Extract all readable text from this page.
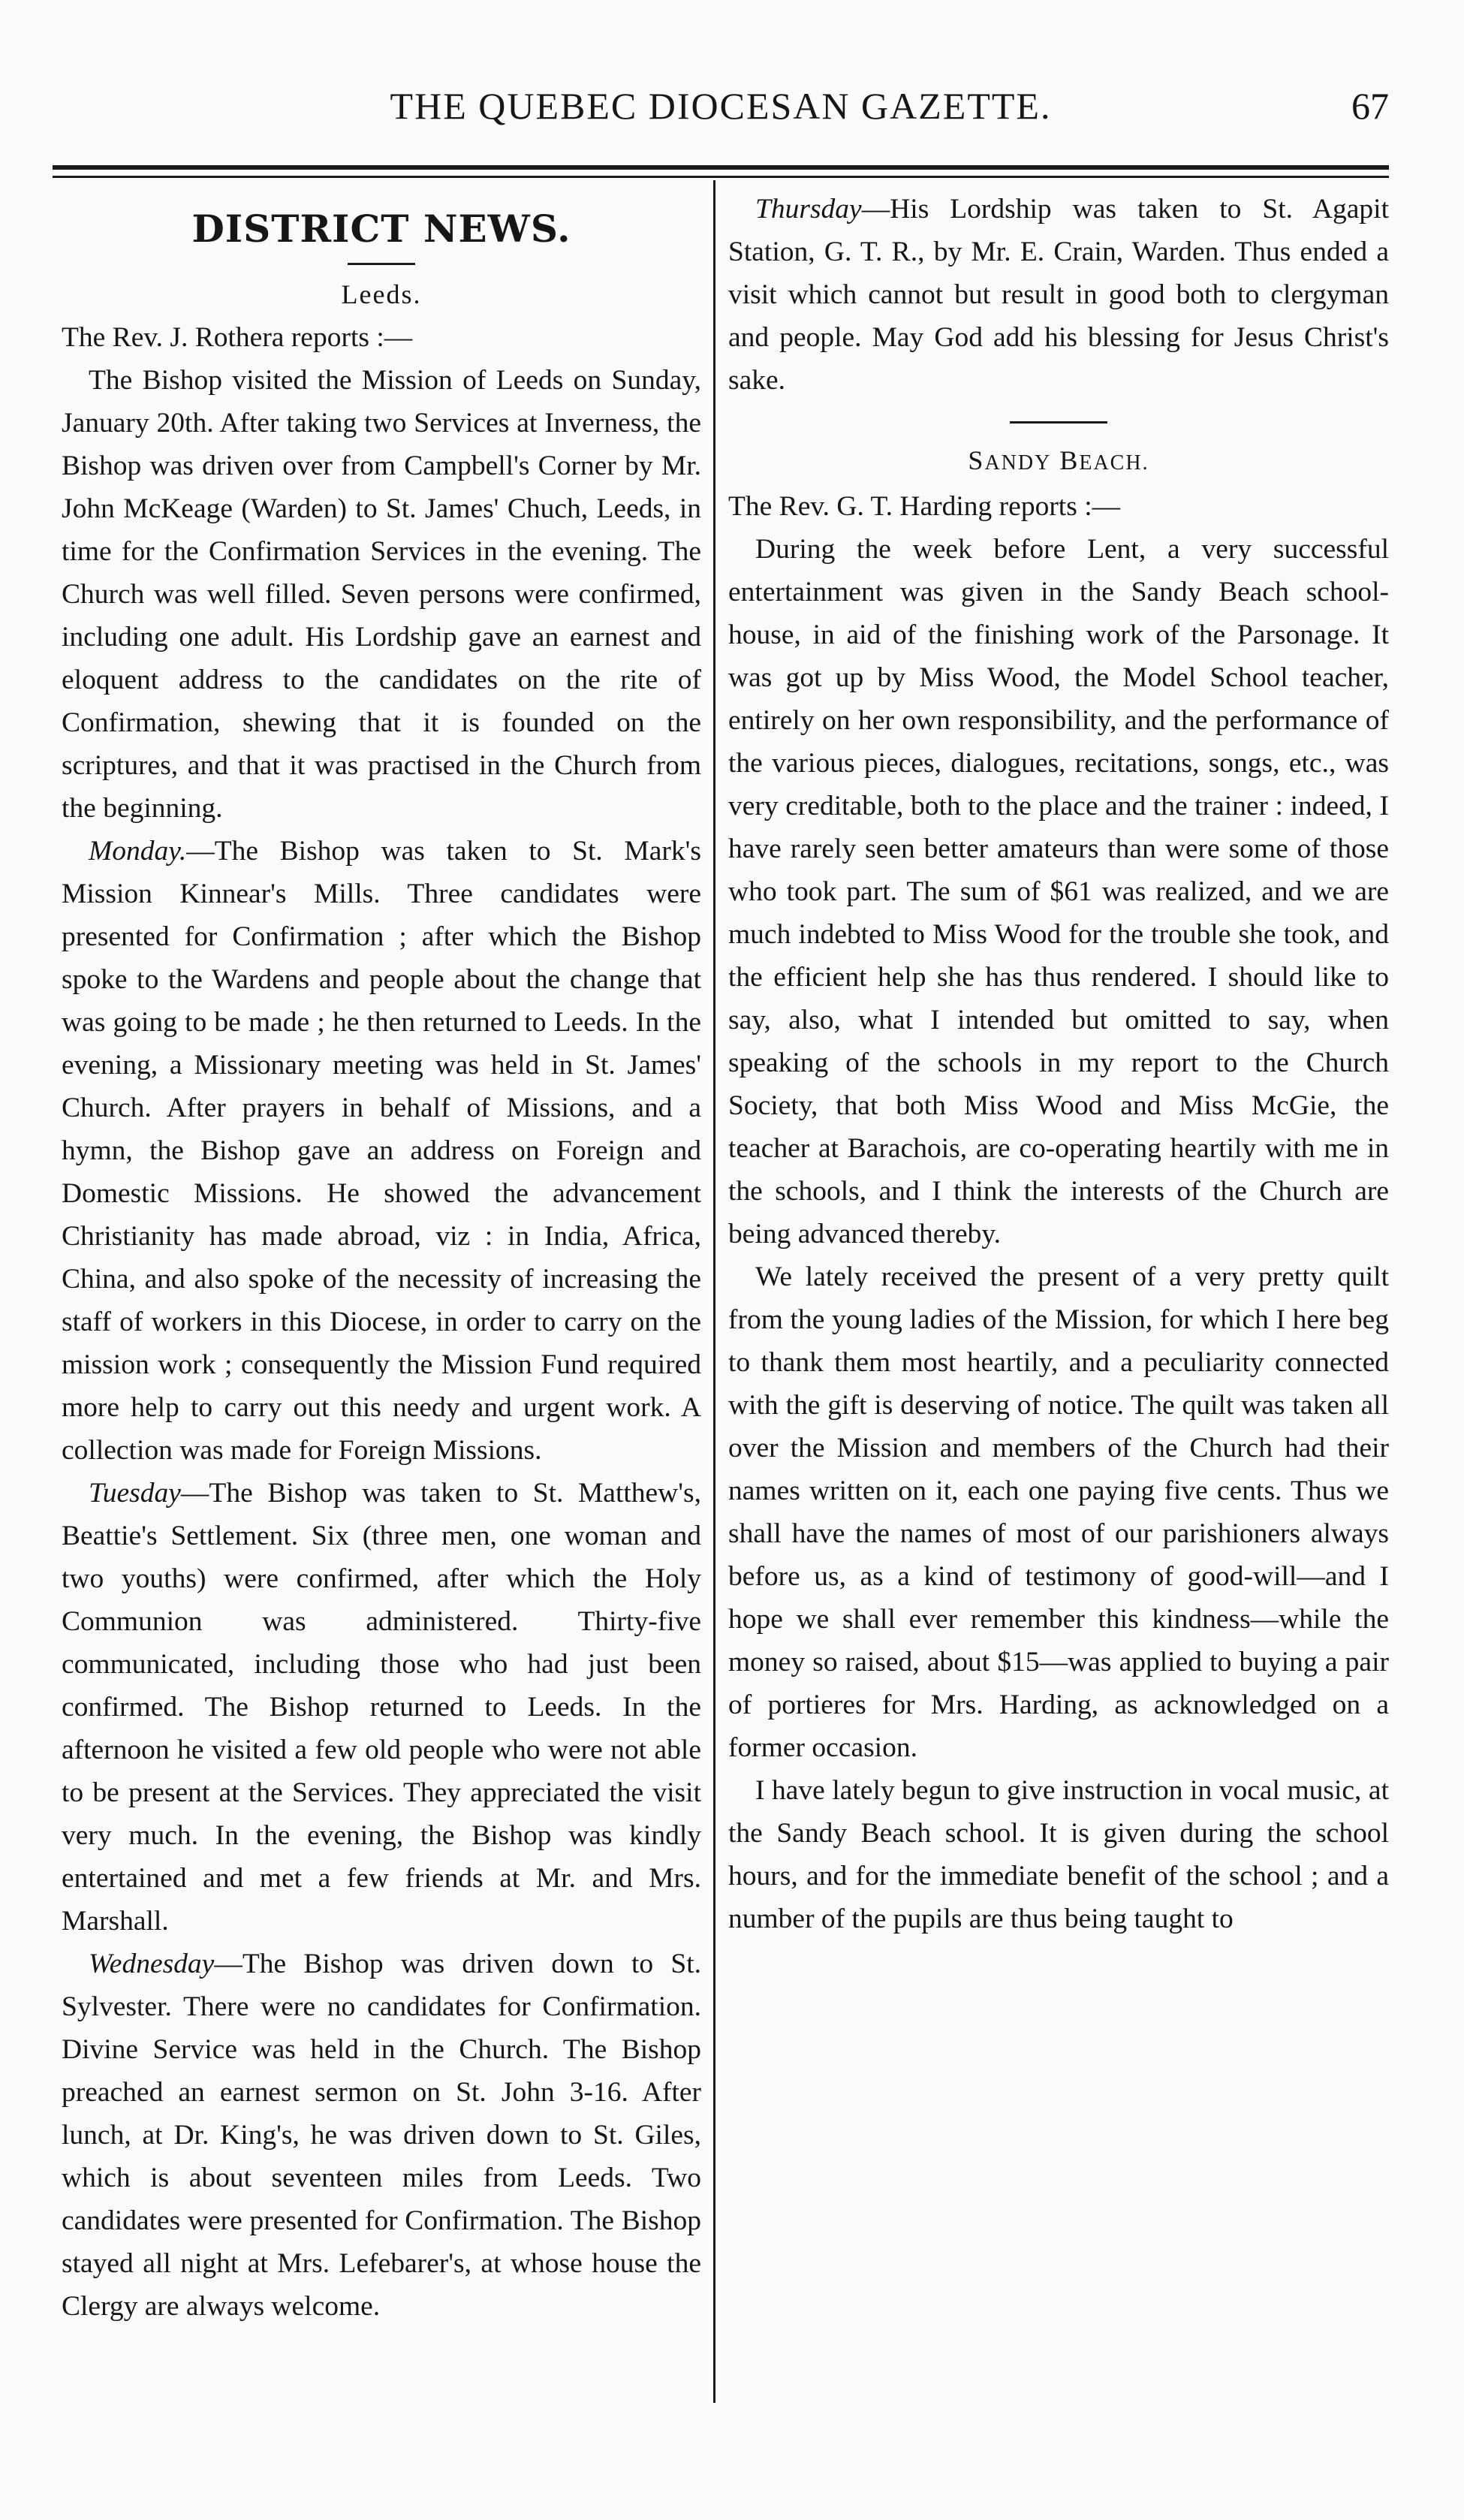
THE QUEBEC DIOCESAN GAZETTE.	67
DISTRICT NEWS.
Leeds.

The Rev. J. Rothera reports :—

The Bishop visited the Mission of Leeds on Sunday, January 20th. After taking two Services at Inverness, the Bishop was driven over from Campbell's Corner by Mr. John McKeage (Warden) to St. James' Chuch, Leeds, in time for the Confirmation Services in the evening. The Church was well filled. Seven persons were confirmed, including one adult. His Lordship gave an earnest and eloquent address to the candidates on the rite of Confirmation, shewing that it is founded on the scriptures, and that it was practised in the Church from the beginning.

Monday.—The Bishop was taken to St. Mark's Mission Kinnear's Mills. Three candidates were presented for Confirmation ; after which the Bishop spoke to the Wardens and people about the change that was going to be made ; he then returned to Leeds. In the evening, a Missionary meeting was held in St. James' Church. After prayers in behalf of Missions, and a hymn, the Bishop gave an address on Foreign and Domestic Missions. He showed the advancement Christianity has made abroad, viz : in India, Africa, China, and also spoke of the necessity of increasing the staff of workers in this Diocese, in order to carry on the mission work ; consequently the Mission Fund required more help to carry out this needy and urgent work. A collection was made for Foreign Missions.

Tuesday—The Bishop was taken to St. Matthew's, Beattie's Settlement. Six (three men, one woman and two youths) were confirmed, after which the Holy Communion was administered. Thirty-five communicated, including those who had just been confirmed. The Bishop returned to Leeds. In the afternoon he visited a few old people who were not able to be present at the Services. They appreciated the visit very much. In the evening, the Bishop was kindly entertained and met a few friends at Mr. and Mrs. Marshall.

Wednesday—The Bishop was driven down to St. Sylvester. There were no candidates for Confirmation. Divine Service was held in the Church. The Bishop preached an earnest sermon on St. John 3-16. After lunch, at Dr. King's, he was driven down to St. Giles, which is about seventeen miles from Leeds. Two candidates were presented for Confirmation. The Bishop stayed all night at Mrs. Lefebarer's, at whose house the Clergy are always welcome.

Thursday—His Lordship was taken to St. Agapit Station, G. T. R., by Mr. E. Crain, Warden. Thus ended a visit which cannot but result in good both to clergyman and people. May God add his blessing for Jesus Christ's sake.

SANDY BEACH.

The Rev. G. T. Harding reports :—

During the week before Lent, a very successful entertainment was given in the Sandy Beach school-house, in aid of the finishing work of the Parsonage. It was got up by Miss Wood, the Model School teacher, entirely on her own responsibility, and the performance of the various pieces, dialogues, recitations, songs, etc., was very creditable, both to the place and the trainer : indeed, I have rarely seen better amateurs than were some of those who took part. The sum of $61 was realized, and we are much indebted to Miss Wood for the trouble she took, and the efficient help she has thus rendered. I should like to say, also, what I intended but omitted to say, when speaking of the schools in my report to the Church Society, that both Miss Wood and Miss McGie, the teacher at Barachois, are co-operating heartily with me in the schools, and I think the interests of the Church are being advanced thereby.

We lately received the present of a very pretty quilt from the young ladies of the Mission, for which I here beg to thank them most heartily, and a peculiarity connected with the gift is deserving of notice. The quilt was taken all over the Mission and members of the Church had their names written on it, each one paying five cents. Thus we shall have the names of most of our parishioners always before us, as a kind of testimony of good-will—and I hope we shall ever remember this kindness—while the money so raised, about $15—was applied to buying a pair of portieres for Mrs. Harding, as acknowledged on a former occasion.

I have lately begun to give instruction in vocal music, at the Sandy Beach school. It is given during the school hours, and for the immediate benefit of the school ; and a number of the pupils are thus being taught to
